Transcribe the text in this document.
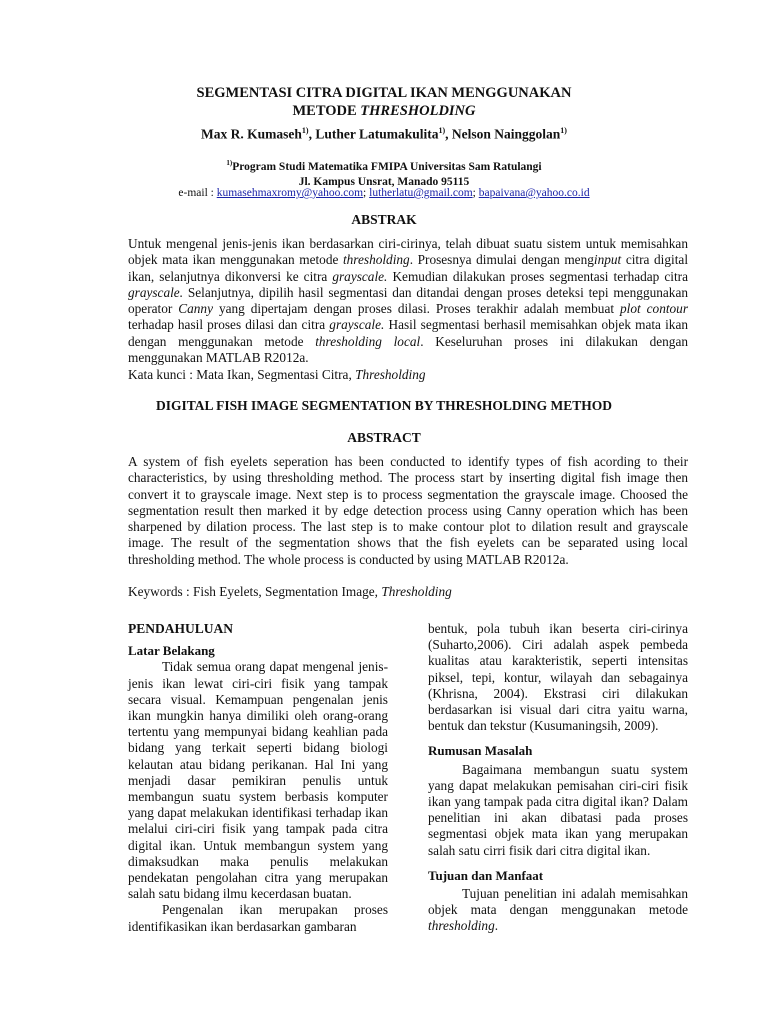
SEGMENTASI CITRA DIGITAL IKAN MENGGUNAKAN
METODE THRESHOLDING
Max R. Kumaseh$^{1)}$, Luther Latumakulita$^{1)}$, Nelson Nainggolan$^{1)}$
$^{1)}$Program Studi Matematika FMIPA Universitas Sam Ratulangi
Jl. Kampus Unsrat, Manado 95115
e-mail : kumasehmaxromy@yahoo.com; lutherlatu@gmail.com; bapaivana@yahoo.co.id
ABSTRAK
Untuk mengenal jenis-jenis ikan berdasarkan ciri-cirinya, telah dibuat suatu sistem untuk memisahkan objek mata ikan menggunakan metode thresholding. Prosesnya dimulai dengan menginput citra digital ikan, selanjutnya dikonversi ke citra grayscale. Kemudian dilakukan proses segmentasi terhadap citra grayscale. Selanjutnya, dipilih hasil segmentasi dan ditandai dengan proses deteksi tepi menggunakan operator Canny yang dipertajam dengan proses dilasi. Proses terakhir adalah membuat plot contour terhadap hasil proses dilasi dan citra grayscale. Hasil segmentasi berhasil memisahkan objek mata ikan dengan menggunakan metode thresholding local. Keseluruhan proses ini dilakukan dengan menggunakan MATLAB R2012a.
Kata kunci : Mata Ikan, Segmentasi Citra, Thresholding
DIGITAL FISH IMAGE SEGMENTATION BY THRESHOLDING METHOD
ABSTRACT
A system of fish eyelets seperation has been conducted to identify types of fish acording to their characteristics, by using thresholding method. The process start by inserting digital fish image then convert it to grayscale image. Next step is to process segmentation the grayscale image. Choosed the segmentation result then marked it by edge detection process using Canny operation which has been sharpened by dilation process. The last step is to make contour plot to dilation result and grayscale image. The result of the segmentation shows that the fish eyelets can be separated using local thresholding method. The whole process is conducted by using MATLAB R2012a.
Keywords : Fish Eyelets, Segmentation Image, Thresholding
PENDAHULUAN
Latar Belakang

Tidak semua orang dapat mengenal jenis-jenis ikan lewat ciri-ciri fisik yang tampak secara visual. Kemampuan pengenalan jenis ikan mungkin hanya dimiliki oleh orang-orang tertentu yang mempunyai bidang keahlian pada bidang yang terkait seperti bidang biologi kelautan atau bidang perikanan. Hal Ini yang menjadi dasar pemikiran penulis untuk membangun suatu system berbasis komputer yang dapat melakukan identifikasi terhadap ikan melalui ciri-ciri fisik yang tampak pada citra digital ikan. Untuk membangun system yang dimaksudkan maka penulis melakukan pendekatan pengolahan citra yang merupakan salah satu bidang ilmu kecerdasan buatan.

Pengenalan ikan merupakan proses identifikasikan ikan berdasarkan gambaran

bentuk, pola tubuh ikan beserta ciri-cirinya (Suharto,2006). Ciri adalah aspek pembeda kualitas atau karakteristik, seperti intensitas piksel, tepi, kontur, wilayah dan sebagainya (Khrisna, 2004). Ekstrasi ciri dilakukan berdasarkan isi visual dari citra yaitu warna, bentuk dan tekstur (Kusumaningsih, 2009).

Rumusan Masalah

Bagaimana membangun suatu system yang dapat melakukan pemisahan ciri-ciri fisik ikan yang tampak pada citra digital ikan? Dalam penelitian ini akan dibatasi pada proses segmentasi objek mata ikan yang merupakan salah satu cirri fisik dari citra digital ikan.

Tujuan dan Manfaat

Tujuan penelitian ini adalah memisahkan objek mata dengan menggunakan metode thresholding.
